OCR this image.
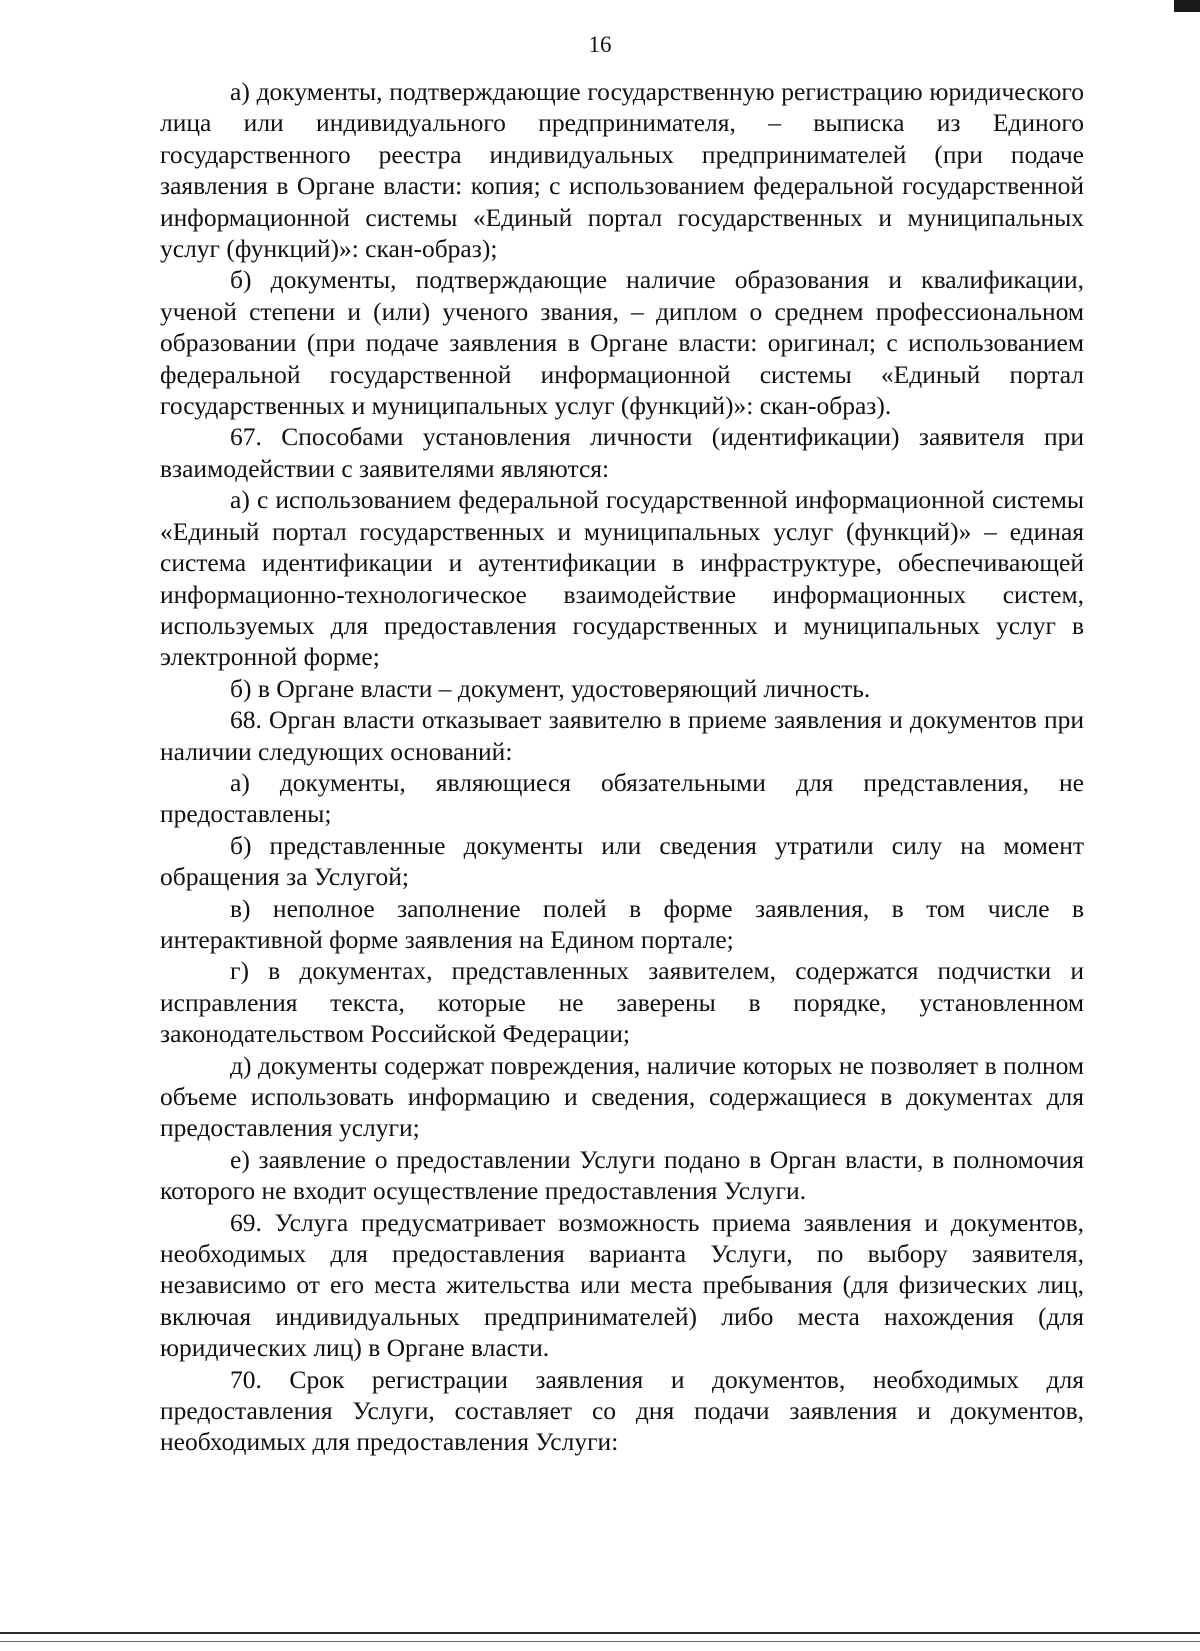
16

а) документы, подтверждающие государственную регистрацию юридического лица или индивидуального предпринимателя, – выписка из Единого государственного реестра индивидуальных предпринимателей (при подаче заявления в Органе власти: копия; с использованием федеральной государственной информационной системы «Единый портал государственных и муниципальных услуг (функций)»: скан-образ);

б) документы, подтверждающие наличие образования и квалификации, ученой степени и (или) ученого звания, – диплом о среднем профессиональном образовании (при подаче заявления в Органе власти: оригинал; с использованием федеральной государственной информационной системы «Единый портал государственных и муниципальных услуг (функций)»: скан-образ).

67. Способами установления личности (идентификации) заявителя при взаимодействии с заявителями являются:

а) с использованием федеральной государственной информационной системы «Единый портал государственных и муниципальных услуг (функций)» – единая система идентификации и аутентификации в инфраструктуре, обеспечивающей информационно-технологическое взаимодействие информационных систем, используемых для предоставления государственных и муниципальных услуг в электронной форме;

б) в Органе власти – документ, удостоверяющий личность.

68. Орган власти отказывает заявителю в приеме заявления и документов при наличии следующих оснований:

а) документы, являющиеся обязательными для представления, не предоставлены;

б) представленные документы или сведения утратили силу на момент обращения за Услугой;

в) неполное заполнение полей в форме заявления, в том числе в интерактивной форме заявления на Едином портале;

г) в документах, представленных заявителем, содержатся подчистки и исправления текста, которые не заверены в порядке, установленном законодательством Российской Федерации;

д) документы содержат повреждения, наличие которых не позволяет в полном объеме использовать информацию и сведения, содержащиеся в документах для предоставления услуги;

е) заявление о предоставлении Услуги подано в Орган власти, в полномочия которого не входит осуществление предоставления Услуги.

69. Услуга предусматривает возможность приема заявления и документов, необходимых для предоставления варианта Услуги, по выбору заявителя, независимо от его места жительства или места пребывания (для физических лиц, включая индивидуальных предпринимателей) либо места нахождения (для юридических лиц) в Органе власти.

70. Срок регистрации заявления и документов, необходимых для предоставления Услуги, составляет со дня подачи заявления и документов, необходимых для предоставления Услуги:
